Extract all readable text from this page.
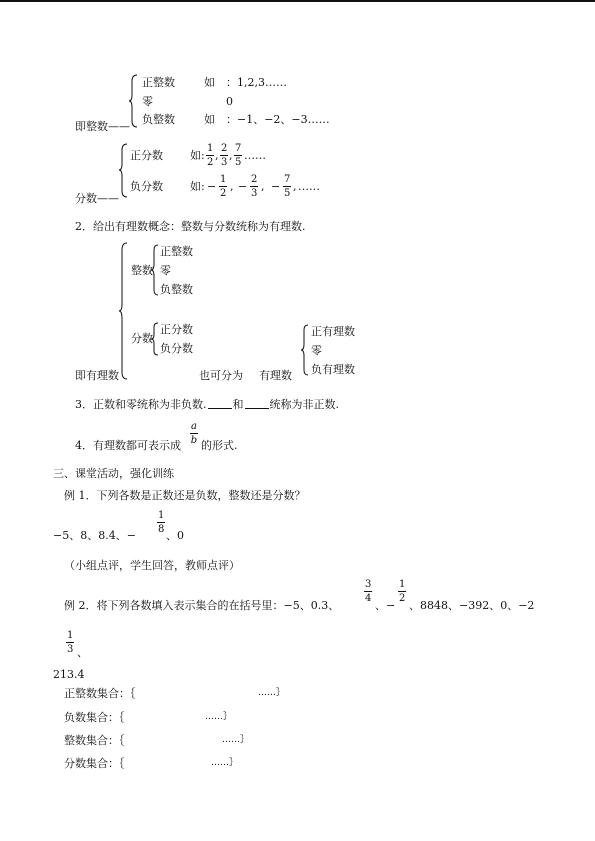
即整数——
正整数	如 ：1,2,3……
零	0
负整数	如 ：−1、−2、−3……
分数——
正分数 如:
1
2
,
2
3
,
7
5
……
负分数 如: −
1
2
, −
2
3
, −
7
5
, ……
2．给出有理数概念：整数与分数统称为有理数.
即有理数
整数
正整数
零
负整数
分数
正分数
负分数
也可分为 有理数
正有理数
零
负有理数
3．正数和零统称为非负数. 和 统称为非正数.
4．有理数都可表示成
a
b 的形式.
三、课堂活动，强化训练
例 1．下列各数是正数还是负数，整数还是分数？
−5、8、8.4、−
1
8 、0
（小组点评，学生回答，教师点评）
例 2．将下列各数填入表示集合的在括号里：−5、0.3、
3
4
、−
1
2
、8848、−392、0、−2
1
3 、
213.4
正整数集合：｛	……｝
负数集合：｛	……｝
整数集合：｛	……｝
分数集合：｛	……｝
